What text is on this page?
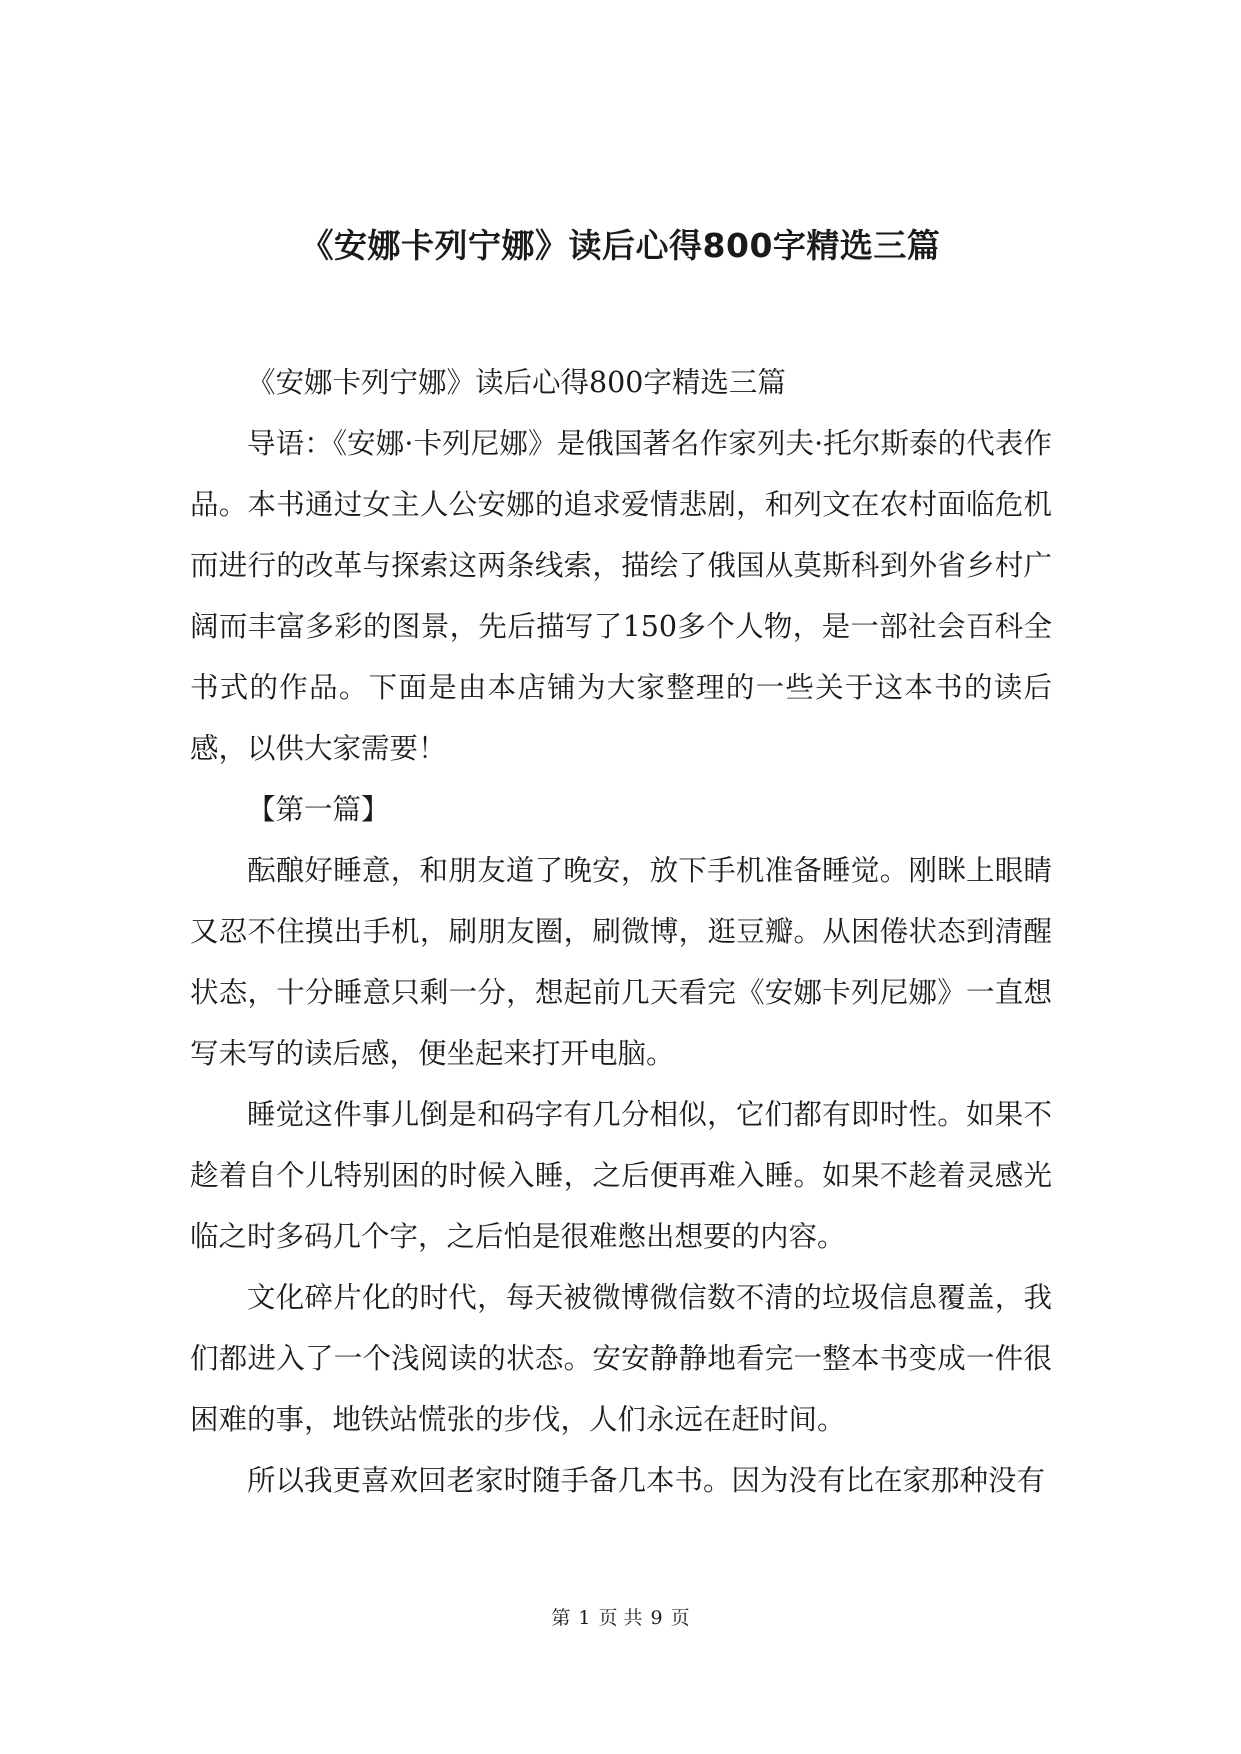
《安娜卡列宁娜》读后心得800字精选三篇

《安娜卡列宁娜》读后心得800字精选三篇

导语：《安娜·卡列尼娜》是俄国著名作家列夫·托尔斯泰的代表作品。本书通过女主人公安娜的追求爱情悲剧，和列文在农村面临危机而进行的改革与探索这两条线索，描绘了俄国从莫斯科到外省乡村广阔而丰富多彩的图景，先后描写了150多个人物，是一部社会百科全书式的作品。下面是由本店铺为大家整理的一些关于这本书的读后感，以供大家需要！

【第一篇】

酝酿好睡意，和朋友道了晚安，放下手机准备睡觉。刚眯上眼睛又忍不住摸出手机，刷朋友圈，刷微博，逛豆瓣。从困倦状态到清醒状态，十分睡意只剩一分，想起前几天看完《安娜卡列尼娜》一直想写未写的读后感，便坐起来打开电脑。

睡觉这件事儿倒是和码字有几分相似，它们都有即时性。如果不趁着自个儿特别困的时候入睡，之后便再难入睡。如果不趁着灵感光临之时多码几个字，之后怕是很难憋出想要的内容。

文化碎片化的时代，每天被微博微信数不清的垃圾信息覆盖，我们都进入了一个浅阅读的状态。安安静静地看完一整本书变成一件很困难的事，地铁站慌张的步伐，人们永远在赶时间。

所以我更喜欢回老家时随手备几本书。因为没有比在家那种没有

第 1 页 共 9 页
